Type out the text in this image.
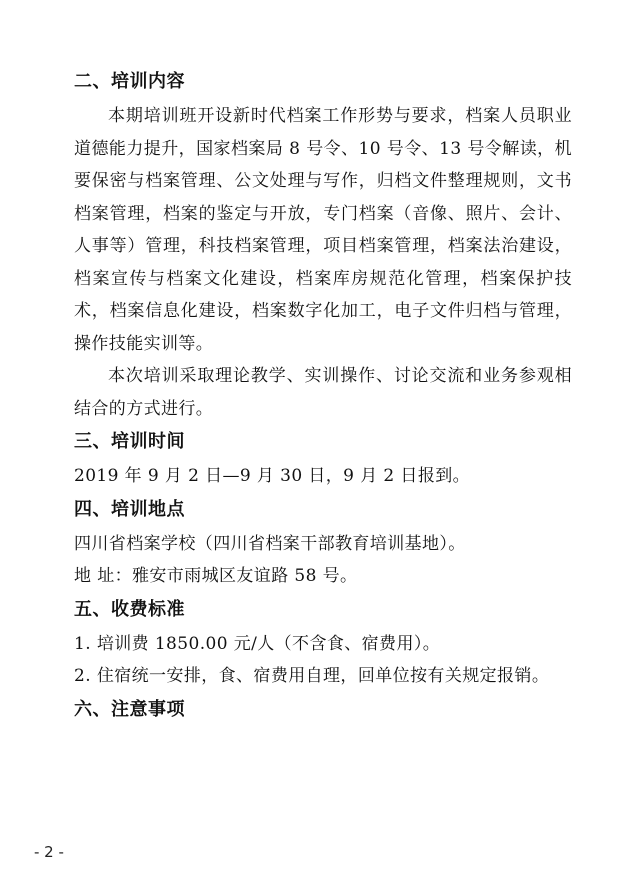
二、培训内容

本期培训班开设新时代档案工作形势与要求，档案人员职业道德能力提升，国家档案局 8 号令、10 号令、13 号令解读，机要保密与档案管理、公文处理与写作，归档文件整理规则，文书档案管理，档案的鉴定与开放，专门档案（音像、照片、会计、人事等）管理，科技档案管理，项目档案管理，档案法治建设，档案宣传与档案文化建设，档案库房规范化管理，档案保护技术，档案信息化建设，档案数字化加工，电子文件归档与管理，操作技能实训等。

本次培训采取理论教学、实训操作、讨论交流和业务参观相结合的方式进行。

三、培训时间

2019 年 9 月 2 日—9 月 30 日，9 月 2 日报到。

四、培训地点

四川省档案学校（四川省档案干部教育培训基地）。

地 址：雅安市雨城区友谊路 58 号。

五、收费标准

1. 培训费 1850.00 元/人（不含食、宿费用）。

2. 住宿统一安排，食、宿费用自理，回单位按有关规定报销。

六、注意事项
- 2 -
